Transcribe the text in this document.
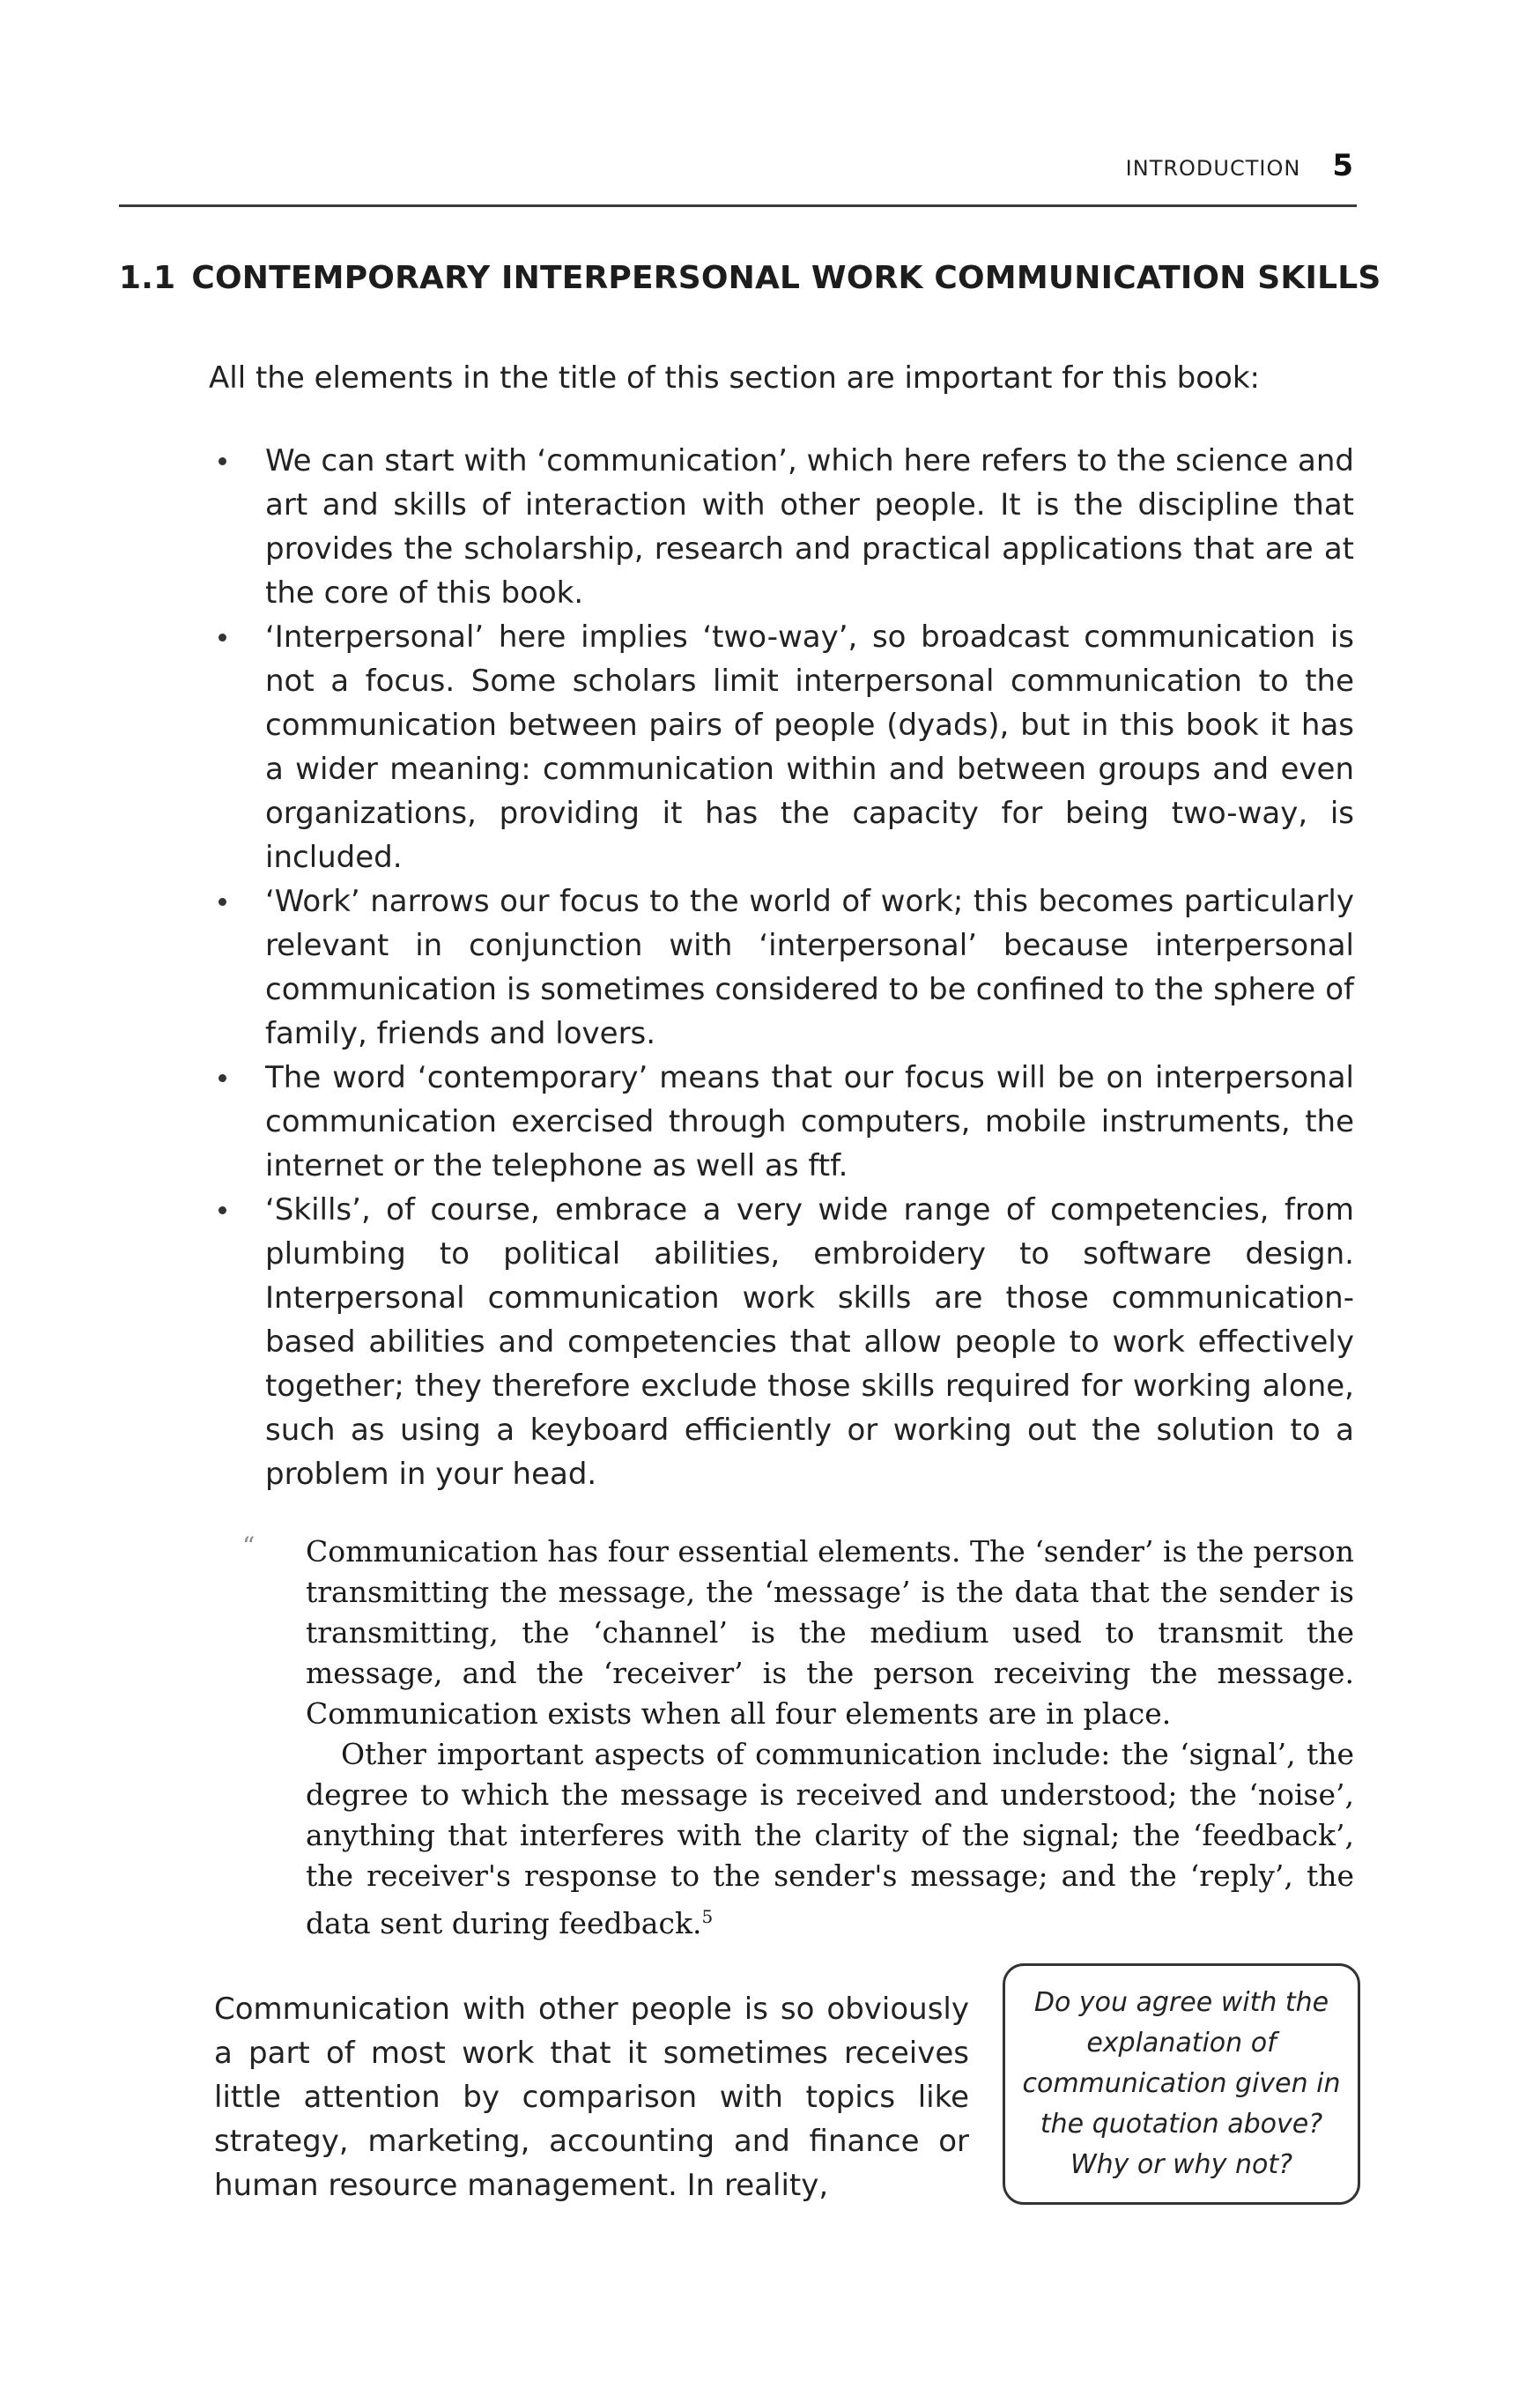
INTRODUCTION 5
1.1 CONTEMPORARY INTERPERSONAL WORK COMMUNICATION SKILLS
All the elements in the title of this section are important for this book:
We can start with ‘communication’, which here refers to the science and art and skills of interaction with other people. It is the discipline that provides the scholarship, research and practical applications that are at the core of this book.
‘Interpersonal’ here implies ‘two-way’, so broadcast communication is not a focus. Some scholars limit interpersonal communication to the communication between pairs of people (dyads), but in this book it has a wider meaning: communication within and between groups and even organizations, providing it has the capacity for being two-way, is included.
‘Work’ narrows our focus to the world of work; this becomes particularly relevant in conjunction with ‘interpersonal’ because interpersonal communication is sometimes considered to be confined to the sphere of family, friends and lovers.
The word ‘contemporary’ means that our focus will be on interpersonal communication exercised through computers, mobile instruments, the internet or the telephone as well as ftf.
‘Skills’, of course, embrace a very wide range of competencies, from plumbing to political abilities, embroidery to software design. Interpersonal communication work skills are those communication-based abilities and competencies that allow people to work effectively together; they therefore exclude those skills required for working alone, such as using a keyboard efficiently or working out the solution to a problem in your head.
“	Communication has four essential elements. The ‘sender’ is the person transmitting the message, the ‘message’ is the data that the sender is transmitting, the ‘channel’ is the medium used to transmit the message, and the ‘receiver’ is the person receiving the message. Communication exists when all four elements are in place.

Other important aspects of communication include: the ‘signal’, the degree to which the message is received and understood; the ‘noise’, anything that interferes with the clarity of the signal; the ‘feedback’, the receiver's response to the sender's message; and the ‘reply’, the data sent during feedback.$^5$

Communication with other people is so obviously a part of most work that it sometimes receives little attention by comparison with topics like strategy, marketing, accounting and finance or human resource management. In reality,
Do you agree with the explanation of communication given in the quotation above? Why or why not?
